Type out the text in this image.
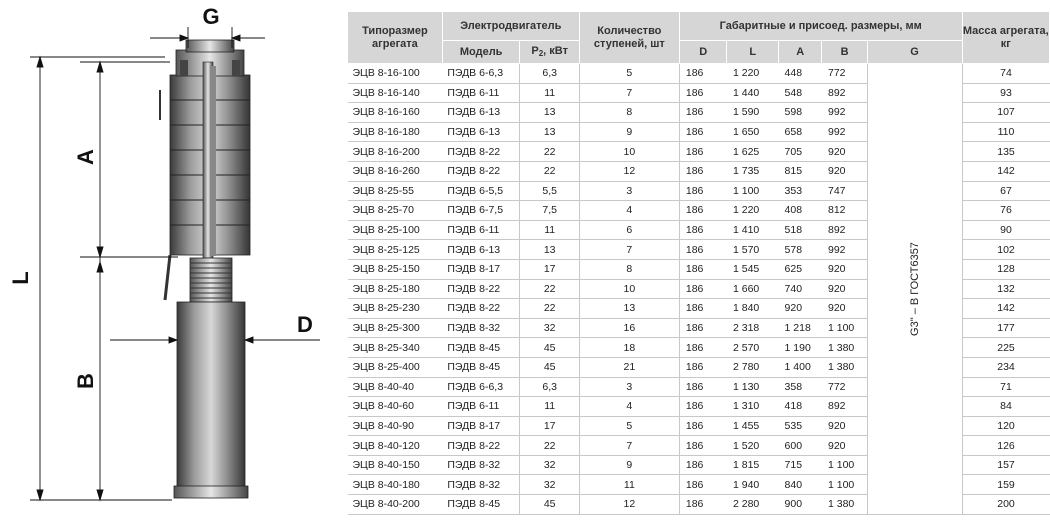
G
L
A
B
D
Типоразмер агрегата	Электродвигатель		Количество ступеней, шт	Габаритные и присоед. размеры, мм					Масса агрегата, кг
	Модель	$P_2$, кВт		D	L	A	B	G	
ЭЦВ 8-16-100	ПЭДВ 6-6,3	6,3	5	186	1 220	448	772	G3" – В ГОСТ6357	74
ЭЦВ 8-16-140	ПЭДВ 6-11	11	7	186	1 440	548	892		93
ЭЦВ 8-16-160	ПЭДВ 6-13	13	8	186	1 590	598	992		107
ЭЦВ 8-16-180	ПЭДВ 6-13	13	9	186	1 650	658	992		110
ЭЦВ 8-16-200	ПЭДВ 8-22	22	10	186	1 625	705	920		135
ЭЦВ 8-16-260	ПЭДВ 8-22	22	12	186	1 735	815	920		142
ЭЦВ 8-25-55	ПЭДВ 6-5,5	5,5	3	186	1 100	353	747		67
ЭЦВ 8-25-70	ПЭДВ 6-7,5	7,5	4	186	1 220	408	812		76
ЭЦВ 8-25-100	ПЭДВ 6-11	11	6	186	1 410	518	892		90
ЭЦВ 8-25-125	ПЭДВ 6-13	13	7	186	1 570	578	992		102
ЭЦВ 8-25-150	ПЭДВ 8-17	17	8	186	1 545	625	920		128
ЭЦВ 8-25-180	ПЭДВ 8-22	22	10	186	1 660	740	920		132
ЭЦВ 8-25-230	ПЭДВ 8-22	22	13	186	1 840	920	920		142
ЭЦВ 8-25-300	ПЭДВ 8-32	32	16	186	2 318	1 218	1 100		177
ЭЦВ 8-25-340	ПЭДВ 8-45	45	18	186	2 570	1 190	1 380		225
ЭЦВ 8-25-400	ПЭДВ 8-45	45	21	186	2 780	1 400	1 380		234
ЭЦВ 8-40-40	ПЭДВ 6-6,3	6,3	3	186	1 130	358	772		71
ЭЦВ 8-40-60	ПЭДВ 6-11	11	4	186	1 310	418	892		84
ЭЦВ 8-40-90	ПЭДВ 8-17	17	5	186	1 455	535	920		120
ЭЦВ 8-40-120	ПЭДВ 8-22	22	7	186	1 520	600	920		126
ЭЦВ 8-40-150	ПЭДВ 8-32	32	9	186	1 815	715	1 100		157
ЭЦВ 8-40-180	ПЭДВ 8-32	32	11	186	1 940	840	1 100		159
ЭЦВ 8-40-200	ПЭДВ 8-45	45	12	186	2 280	900	1 380		200
